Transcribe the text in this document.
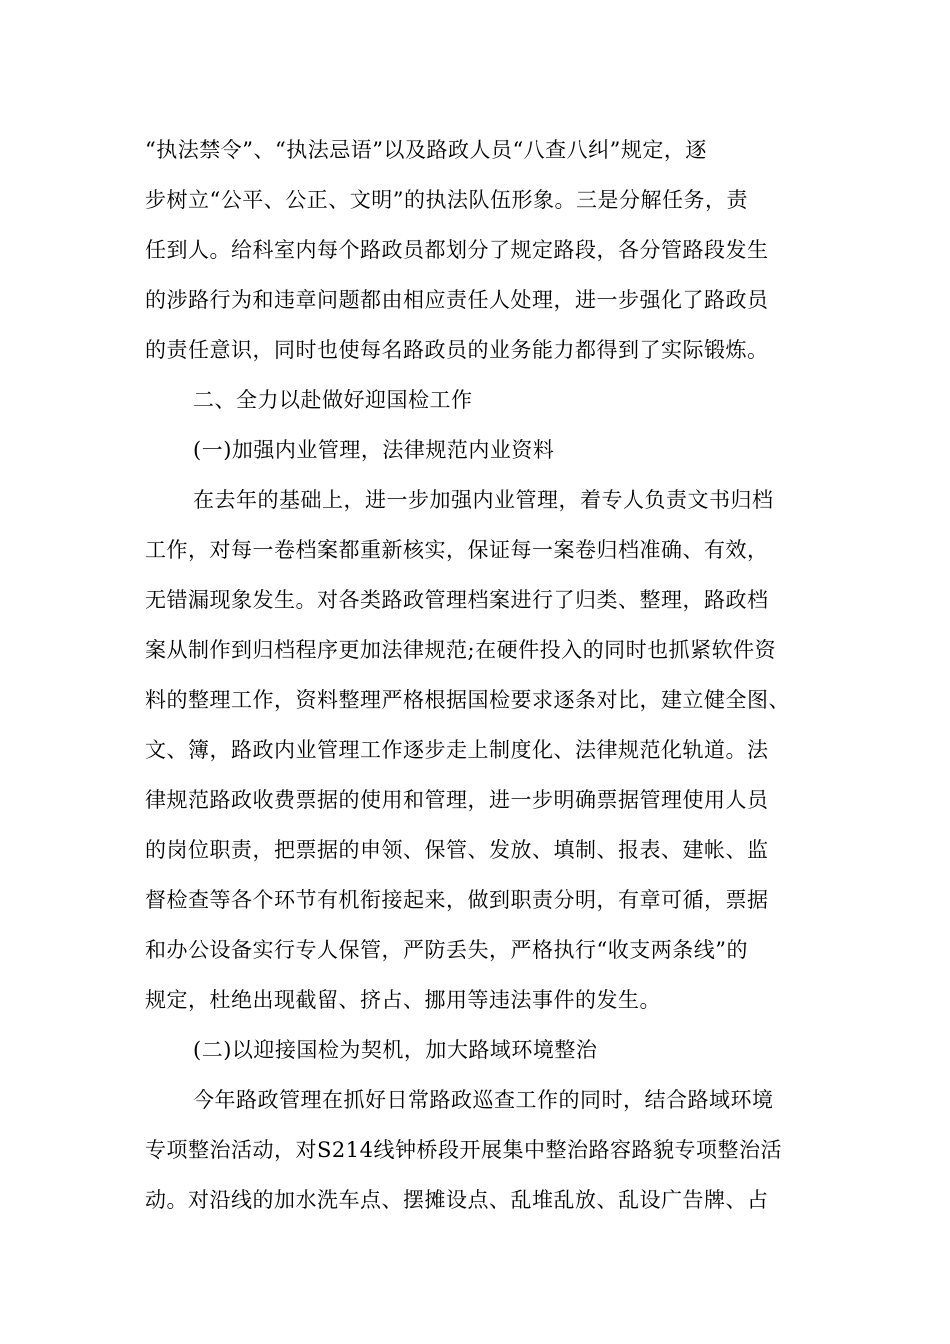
“执法禁令”、“执法忌语”以及路政人员“八查八纠”规定，逐
步树立“公平、公正、文明”的执法队伍形象。三是分解任务，责
任到人。给科室内每个路政员都划分了规定路段，各分管路段发生
的涉路行为和违章问题都由相应责任人处理，进一步强化了路政员
的责任意识，同时也使每名路政员的业务能力都得到了实际锻炼。
二、全力以赴做好迎国检工作
(一)加强内业管理，法律规范内业资料
在去年的基础上，进一步加强内业管理，着专人负责文书归档
工作，对每一卷档案都重新核实，保证每一案卷归档准确、有效，
无错漏现象发生。对各类路政管理档案进行了归类、整理，路政档
案从制作到归档程序更加法律规范;在硬件投入的同时也抓紧软件资
料的整理工作，资料整理严格根据国检要求逐条对比，建立健全图、
文、簿，路政内业管理工作逐步走上制度化、法律规范化轨道。法
律规范路政收费票据的使用和管理，进一步明确票据管理使用人员
的岗位职责，把票据的申领、保管、发放、填制、报表、建帐、监
督检查等各个环节有机衔接起来，做到职责分明，有章可循，票据
和办公设备实行专人保管，严防丢失，严格执行“收支两条线”的
规定，杜绝出现截留、挤占、挪用等违法事件的发生。
(二)以迎接国检为契机，加大路域环境整治
今年路政管理在抓好日常路政巡查工作的同时，结合路域环境
专项整治活动，对S214线钟桥段开展集中整治路容路貌专项整治活
动。对沿线的加水洗车点、摆摊设点、乱堆乱放、乱设广告牌、占
